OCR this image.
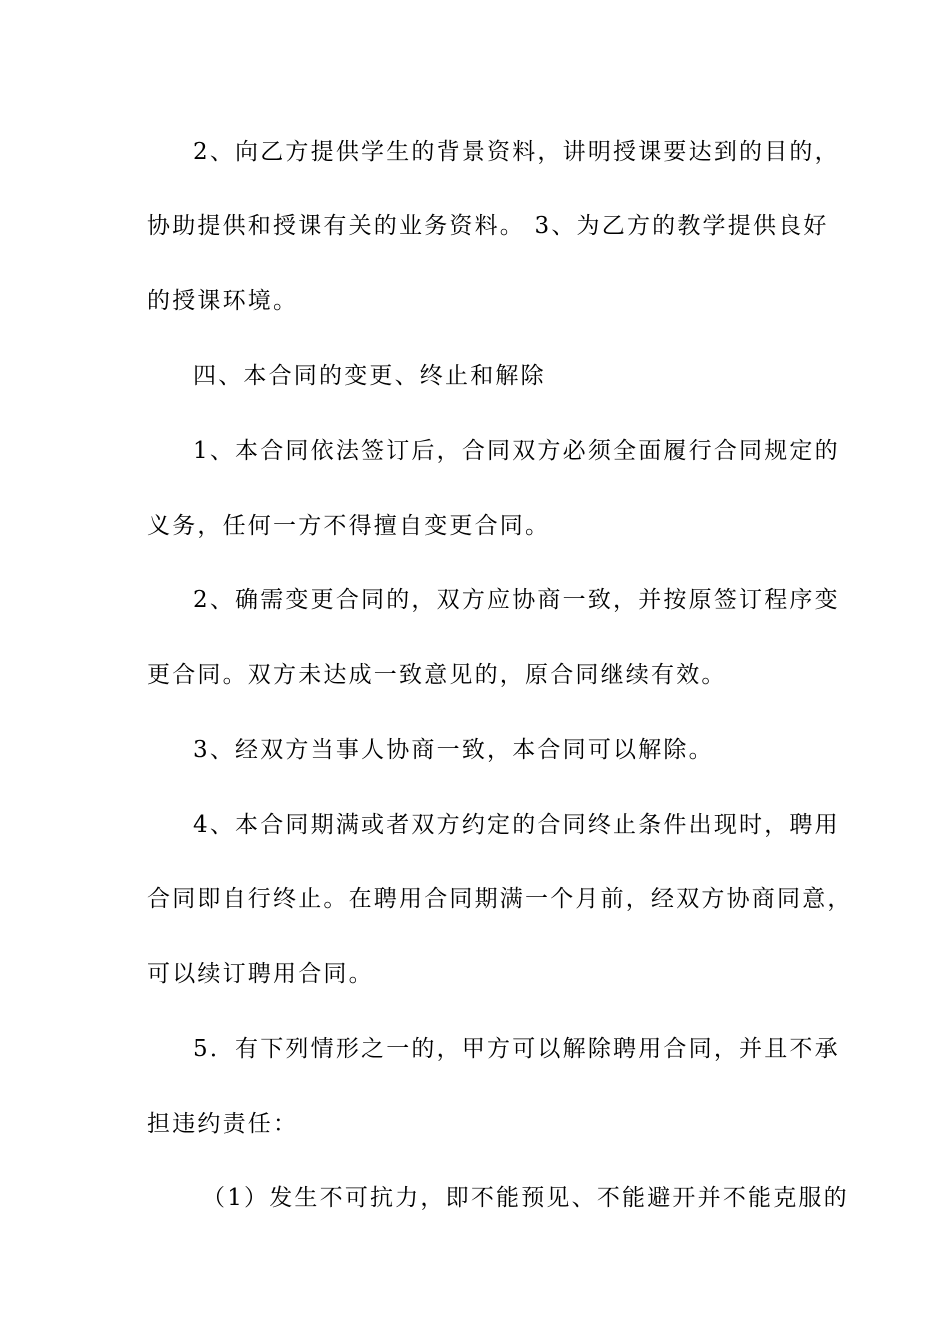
2、向乙方提供学生的背景资料，讲明授课要达到的目的，
协助提供和授课有关的业务资料。 3、为乙方的教学提供良好
的授课环境。
四、本合同的变更、终止和解除
1、本合同依法签订后，合同双方必须全面履行合同规定的
义务，任何一方不得擅自变更合同。
2、确需变更合同的，双方应协商一致，并按原签订程序变
更合同。双方未达成一致意见的，原合同继续有效。
3、经双方当事人协商一致，本合同可以解除。
4、本合同期满或者双方约定的合同终止条件出现时，聘用
合同即自行终止。在聘用合同期满一个月前，经双方协商同意，
可以续订聘用合同。
5．有下列情形之一的，甲方可以解除聘用合同，并且不承
担违约责任：
（1）发生不可抗力，即不能预见、不能避开并不能克服的
